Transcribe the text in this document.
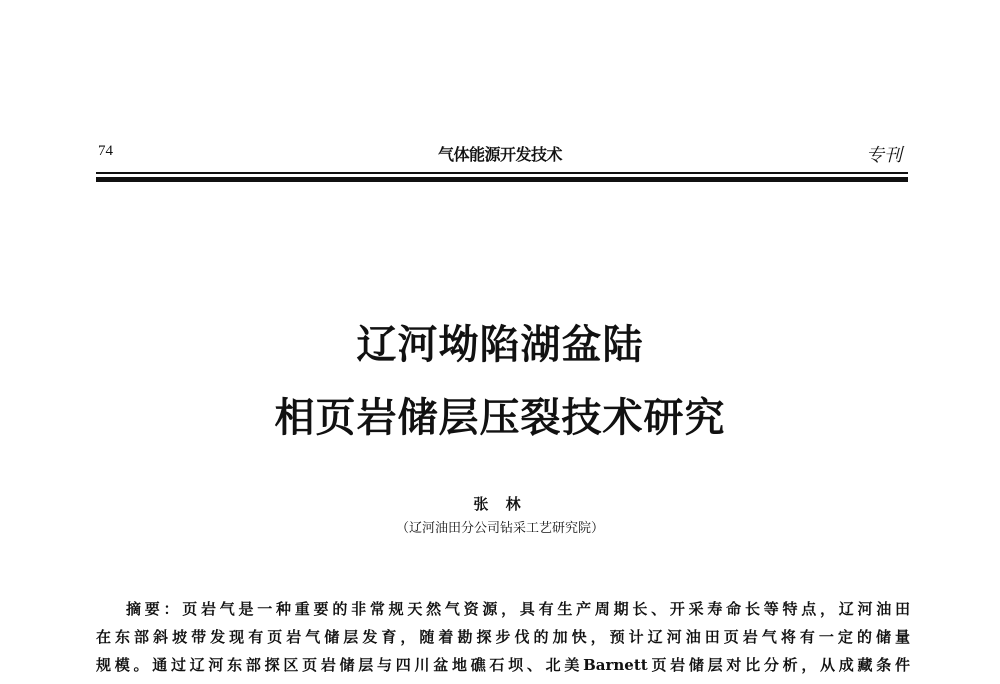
74	气体能源开发技术	专刊
辽河坳陷湖盆陆
相页岩储层压裂技术研究
张 林
（辽河油田分公司钻采工艺研究院）
摘要：页岩气是一种重要的非常规天然气资源，具有生产周期长、开采寿命长等特点，辽河油田
在东部斜坡带发现有页岩气储层发育，随着勘探步伐的加快，预计辽河油田页岩气将有一定的储量
规模。通过辽河东部探区页岩储层与四川盆地礁石坝、北美Barnett页岩储层对比分析，从成藏条件
